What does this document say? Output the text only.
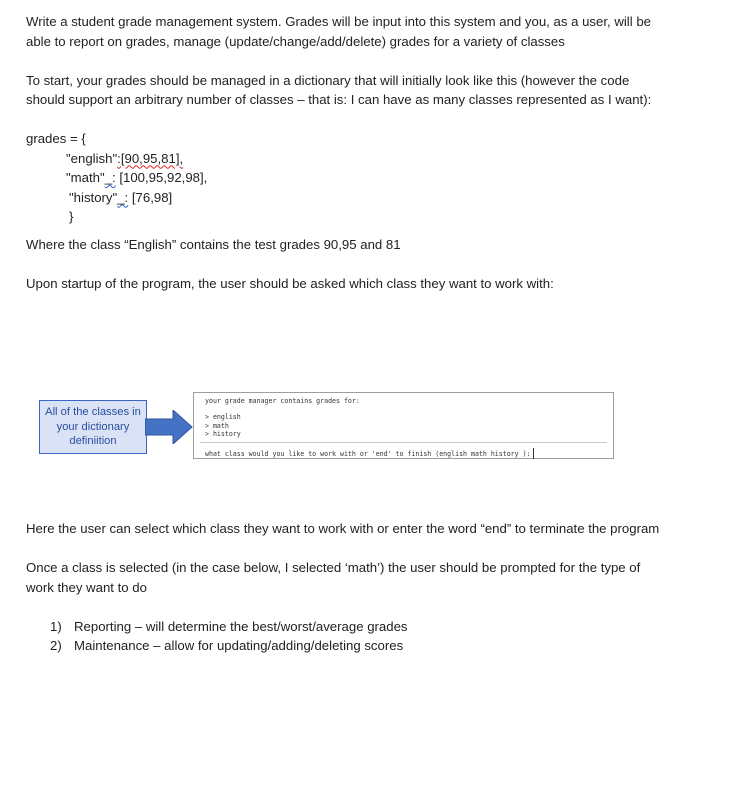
Write a student grade management system. Grades will be input into this system and you, as a user, will be able to report on grades, manage (update/change/add/delete) grades for a variety of classes

To start, your grades should be managed in a dictionary that will initially look like this (however the code should support an arbitrary number of classes – that is: I can have as many classes represented as I want):

grades = {
"english":[90,95,81],
"math"_: [100,95,92,98],
"history"_: [76,98]
}

Where the class “English” contains the test grades 90,95 and 81

Upon startup of the program, the user should be asked which class they want to work with:

All of the classes in
your dictionary
definiition
your grade manager contains grades for:
> english
> math
> history
what class would you like to work with or 'end' to finish (english math history ):

Here the user can select which class they want to work with or enter the word “end” to terminate the program

Once a class is selected (in the case below, I selected ‘math’) the user should be prompted for the type of work they want to do

1) Reporting – will determine the best/worst/average grades
2) Maintenance – allow for updating/adding/deleting scores
